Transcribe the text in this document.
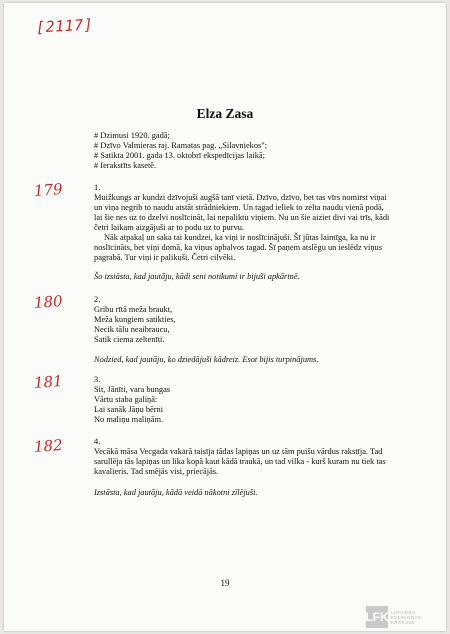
[2117]
Elza Zasa
# Dzimusi 1920. gadā;
# Dzīvo Valmieras raj. Ramatas pag. „Silavniekos";
# Satikta 2001. gada 13. oktobrī ekspedīcijas laikā;
# Ierakstīts kasetē.
179	1.

Muižkungs ar kundzi dzīvojuši augšā tanī vietā. Dzīvo, dzīvo, bet tas vīrs nomirst viņai un viņa negrib to naudu atstāt strādniekiem. Un tagad ieliek to zelta naudu vienā podā, lai šie nes uz to dzelvi noslīcināt, lai nepaliktu viņiem. Nu un šie aiziet divi vai trīs, kādi četri laikam aizgājuši ar to podu uz to purvu.

Nāk atpakaļ un saka tai kundzei, ka viņi ir noslīcinājuši. Šī jūtas laimīga, ka nu ir noslīcināts, bet viņi domā, ka viņus apbalvos tagad. Šī paņem atslēgu un ieslēdz viņus pagrabā. Tur viņi ir palikuši. Četri cilvēki.

Šo izstāsta, kad jautāju, kādi seni notikumi ir bijuši apkārtnē.

180	2.

Gribu rītā meža braukt,

Meža kungiem satikties,

Necik tālu neaibraucu,

Satik ciema zeltenīti.

Nodzied, kad jautāju, ko dziedājuši kādreiz. Esot bijis turpinājums.

181	3.

Sit, Jānīti, vara bungas

Vārtu staba galiņā:

Lai sanāk Jāņu bērni

No maliņu maliņām.

182	4.

Vecākā māsa Vecgada vakarā taisīja tādas lapiņas un uz tām puišu vārdus rakstīja. Tad sarullēja tās lapiņas un lika kopā kaut kādā traukā, un tad vilka - kurš kuram nu tiek tas kavalieris. Tad smējās visi, priecājās.

Izstāsta, kad jautāju, kādā veidā nākotni zīlējuši.

19
LFK LATVIEŠU
FOLKLORAS
KRĀTUVE
